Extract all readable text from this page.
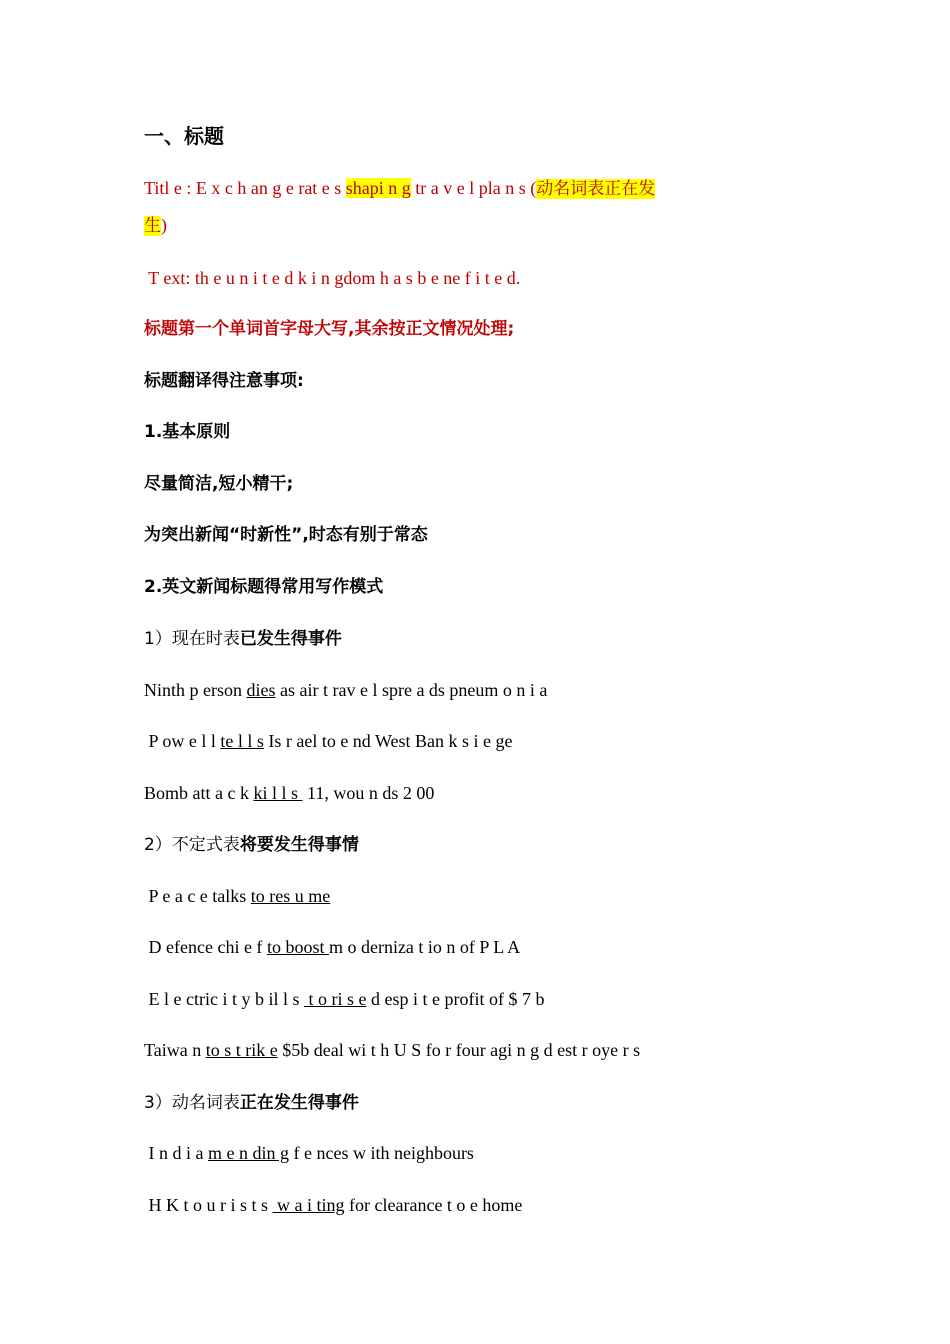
一、标题
Titl e : E x c h an g e rat e s shapi n g tr a v e l pla n s (动名词表正在发
生)
T ext: th e u n i t e d k i n gdom h a s b e ne f i t e d.
标题第一个单词首字母大写,其余按正文情况处理;
标题翻译得注意事项:
1.基本原则
尽量简洁,短小精干;
为突出新闻“时新性”,时态有别于常态
2.英文新闻标题得常用写作模式
1）现在时表已发生得事件
Ninth p erson dies as air t rav e l spre a ds pneum o n i a
P ow e l l te l l s Is r ael to e nd West Ban k s i e ge
Bomb att a c k ki l l s  11, wou n ds 2 00
2）不定式表将要发生得事情
P e a c e talks to res u me
D efence chi e f to boost m o derniza t io n of P L A
E l e ctric i t y b il l s  t o ri s e d esp i t e profit of $ 7 b
Taiwa n to s t rik e $5b deal wi t h U S fo r four agi n g d est r oye r s
3）动名词表正在发生得事件
I n d i a m e n din g f e nces w ith neighbours
H K t o u r i s t s  w a i ting for clearance t o e home
